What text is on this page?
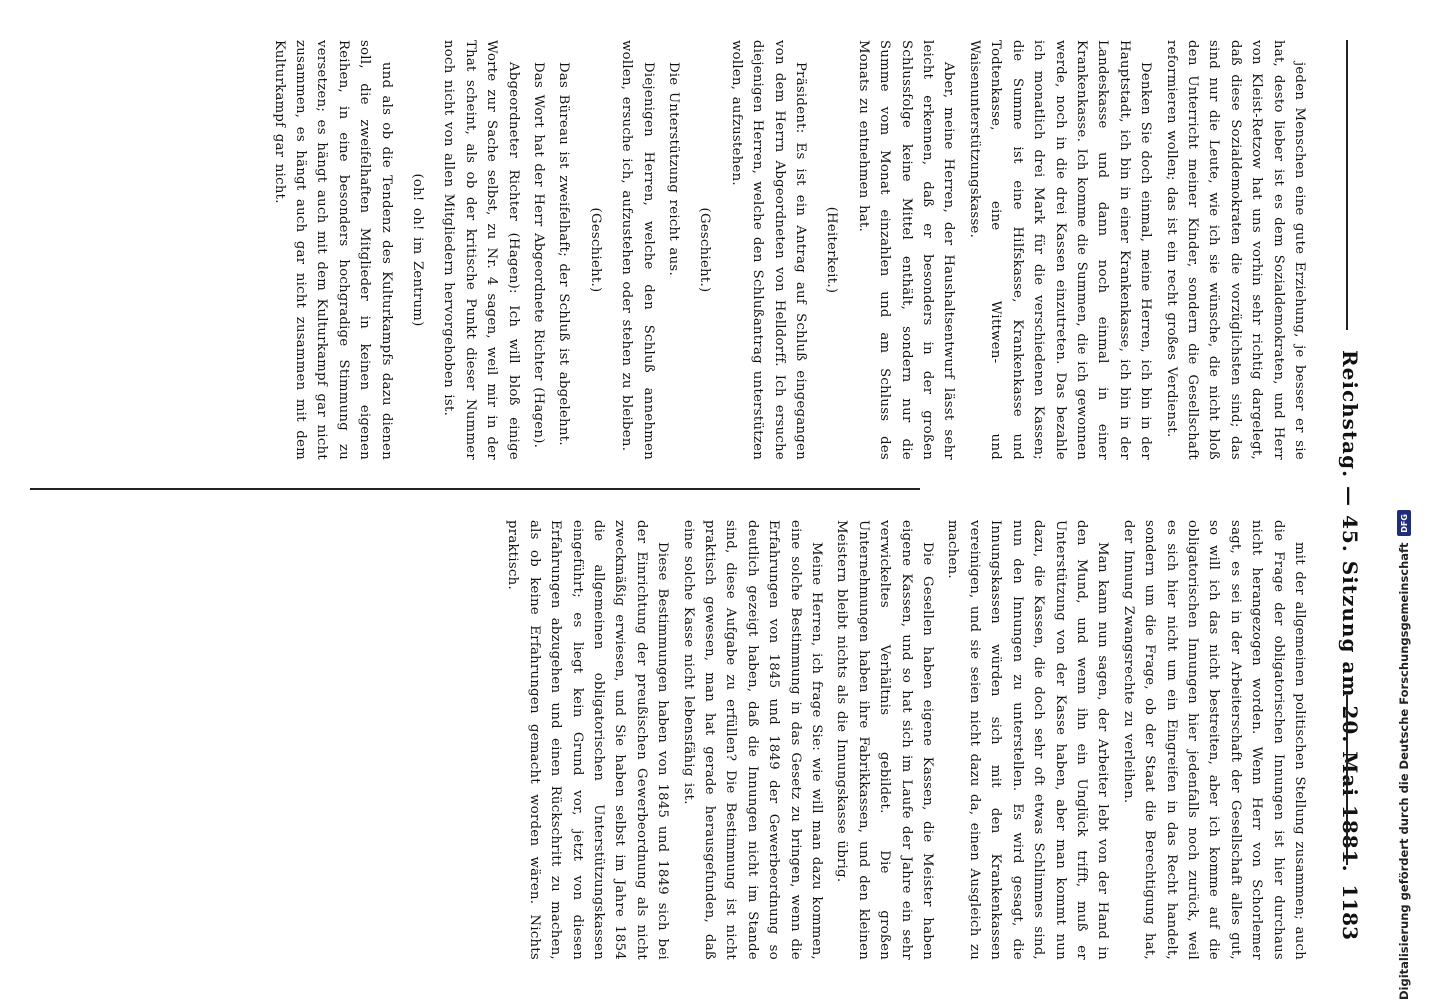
Reichstag. — 45. Sitzung am 20. Mai 1881.
1183

jeden Menschen eine gute Erziehung, je besser er sie hat, desto lieber ist es dem Sozialdemokraten, und Herr von Kleist-Retzow hat uns vorhin sehr richtig dargelegt, daß diese Sozialdemokraten die vorzüglichsten sind; das sind nur die Leute, wie ich sie wünsche, die nicht bloß den Unterricht meiner Kinder, sondern die Gesellschaft reformieren wollen; das ist ein recht großes Verdienst.

Denken Sie doch einmal, meine Herren, ich bin in der Hauptstadt, ich bin in einer Krankenkasse, ich bin in der Landeskasse und dann noch einmal in einer Krankenkasse. Ich komme die Summen, die ich gewonnen werde, noch in die drei Kassen einzutreten. Das bezahle ich monatlich drei Mark für die verschiedenen Kassen; die Summe ist eine Hilfskasse, Krankenkasse und Todtenkasse, eine Wittwen- und Waisenunterstützungskasse.

Aber, meine Herren, der Haushaltsentwurf lässt sehr leicht erkennen, daß er besonders in der großen Schlussfolge keine Mittel enthält, sondern nur die Summe vom Monat einzahlen und am Schluss des Monats zu entnehmen hat.

(Heiterkeit.)

Präsident: Es ist ein Antrag auf Schluß eingegangen von dem Herrn Abgeordneten von Helldorff. Ich ersuche diejenigen Herren, welche den Schlußantrag unterstützen wollen, aufzustehen.

(Geschieht.)

Die Unterstützung reicht aus.

Diejenigen Herren, welche den Schluß annehmen wollen, ersuche ich, aufzustehen oder stehen zu bleiben.

(Geschieht.)

Das Büreau ist zweifelhaft; der Schluß ist abgelehnt.

Das Wort hat der Herr Abgeordnete Richter (Hagen).

Abgeordneter Richter (Hagen): Ich will bloß einige Worte zur Sache selbst, zu Nr. 4 sagen, weil mir in der That scheint, als ob der kritische Punkt dieser Nummer noch nicht von allen Mitgliedern hervorgehoben ist.

(oh! oh! im Zentrum)

und als ob die Tendenz des Kulturkampfs dazu dienen soll, die zweifelhaften Mitglieder in keinen eigenen Reihen, in eine besonders hochgradige Stimmung zu versetzen; es hängt auch mit dem Kulturkampf gar nicht zusammen, es hängt auch gar nicht zusammen mit dem Kulturkampf gar nicht.

mit der allgemeinen politischen Stellung zusammen; auch die Frage der obligatorischen Innungen ist hier durchaus nicht herangezogen worden. Wenn Herr von Schorlemer sagt, es sei in der Arbeiterschaft der Gesellschaft alles gut, so will ich das nicht bestreiten, aber ich komme auf die obligatorischen Innungen hier jedenfalls noch zurück, weil es sich hier nicht um ein Eingreifen in das Recht handelt, sondern um die Frage, ob der Staat die Berechtigung hat, der Innung Zwangsrechte zu verleihen.

Man kann nun sagen, der Arbeiter lebt von der Hand in den Mund, und wenn ihn ein Unglück trifft, muß er Unterstützung von der Kasse haben, aber man kommt nun dazu, die Kassen, die doch sehr oft etwas Schlimmes sind, nun den Innungen zu unterstellen. Es wird gesagt, die Innungskassen würden sich mit den Krankenkassen vereinigen, und sie seien nicht dazu da, einen Ausgleich zu machen.

Die Gesellen haben eigene Kassen, die Meister haben eigene Kassen, und so hat sich im Laufe der Jahre ein sehr verwickeltes Verhältnis gebildet. Die großen Unternehmungen haben ihre Fabrikkassen, und den kleinen Meistern bleibt nichts als die Innungskasse übrig.

Meine Herren, ich frage Sie: wie will man dazu kommen, eine solche Bestimmung in das Gesetz zu bringen, wenn die Erfahrungen von 1845 und 1849 der Gewerbeordnung so deutlich gezeigt haben, daß die Innungen nicht im Stande sind, diese Aufgabe zu erfüllen? Die Bestimmung ist nicht praktisch gewesen, man hat gerade herausgefunden, daß eine solche Kasse nicht lebensfähig ist.

Diese Bestimmungen haben von 1845 und 1849 sich bei der Einrichtung der preußischen Gewerbeordnung als nicht zweckmäßig erwiesen, und Sie haben selbst im Jahre 1854 die allgemeinen obligatorischen Unterstützungskassen eingeführt; es liegt kein Grund vor, jetzt von diesen Erfahrungen abzugehen und einen Rückschritt zu machen, als ob keine Erfahrungen gemacht worden wären. Nichts praktisch.	Digitalisierung gefördert durch die Deutsche Forschungsgemeinschaft
DFG
